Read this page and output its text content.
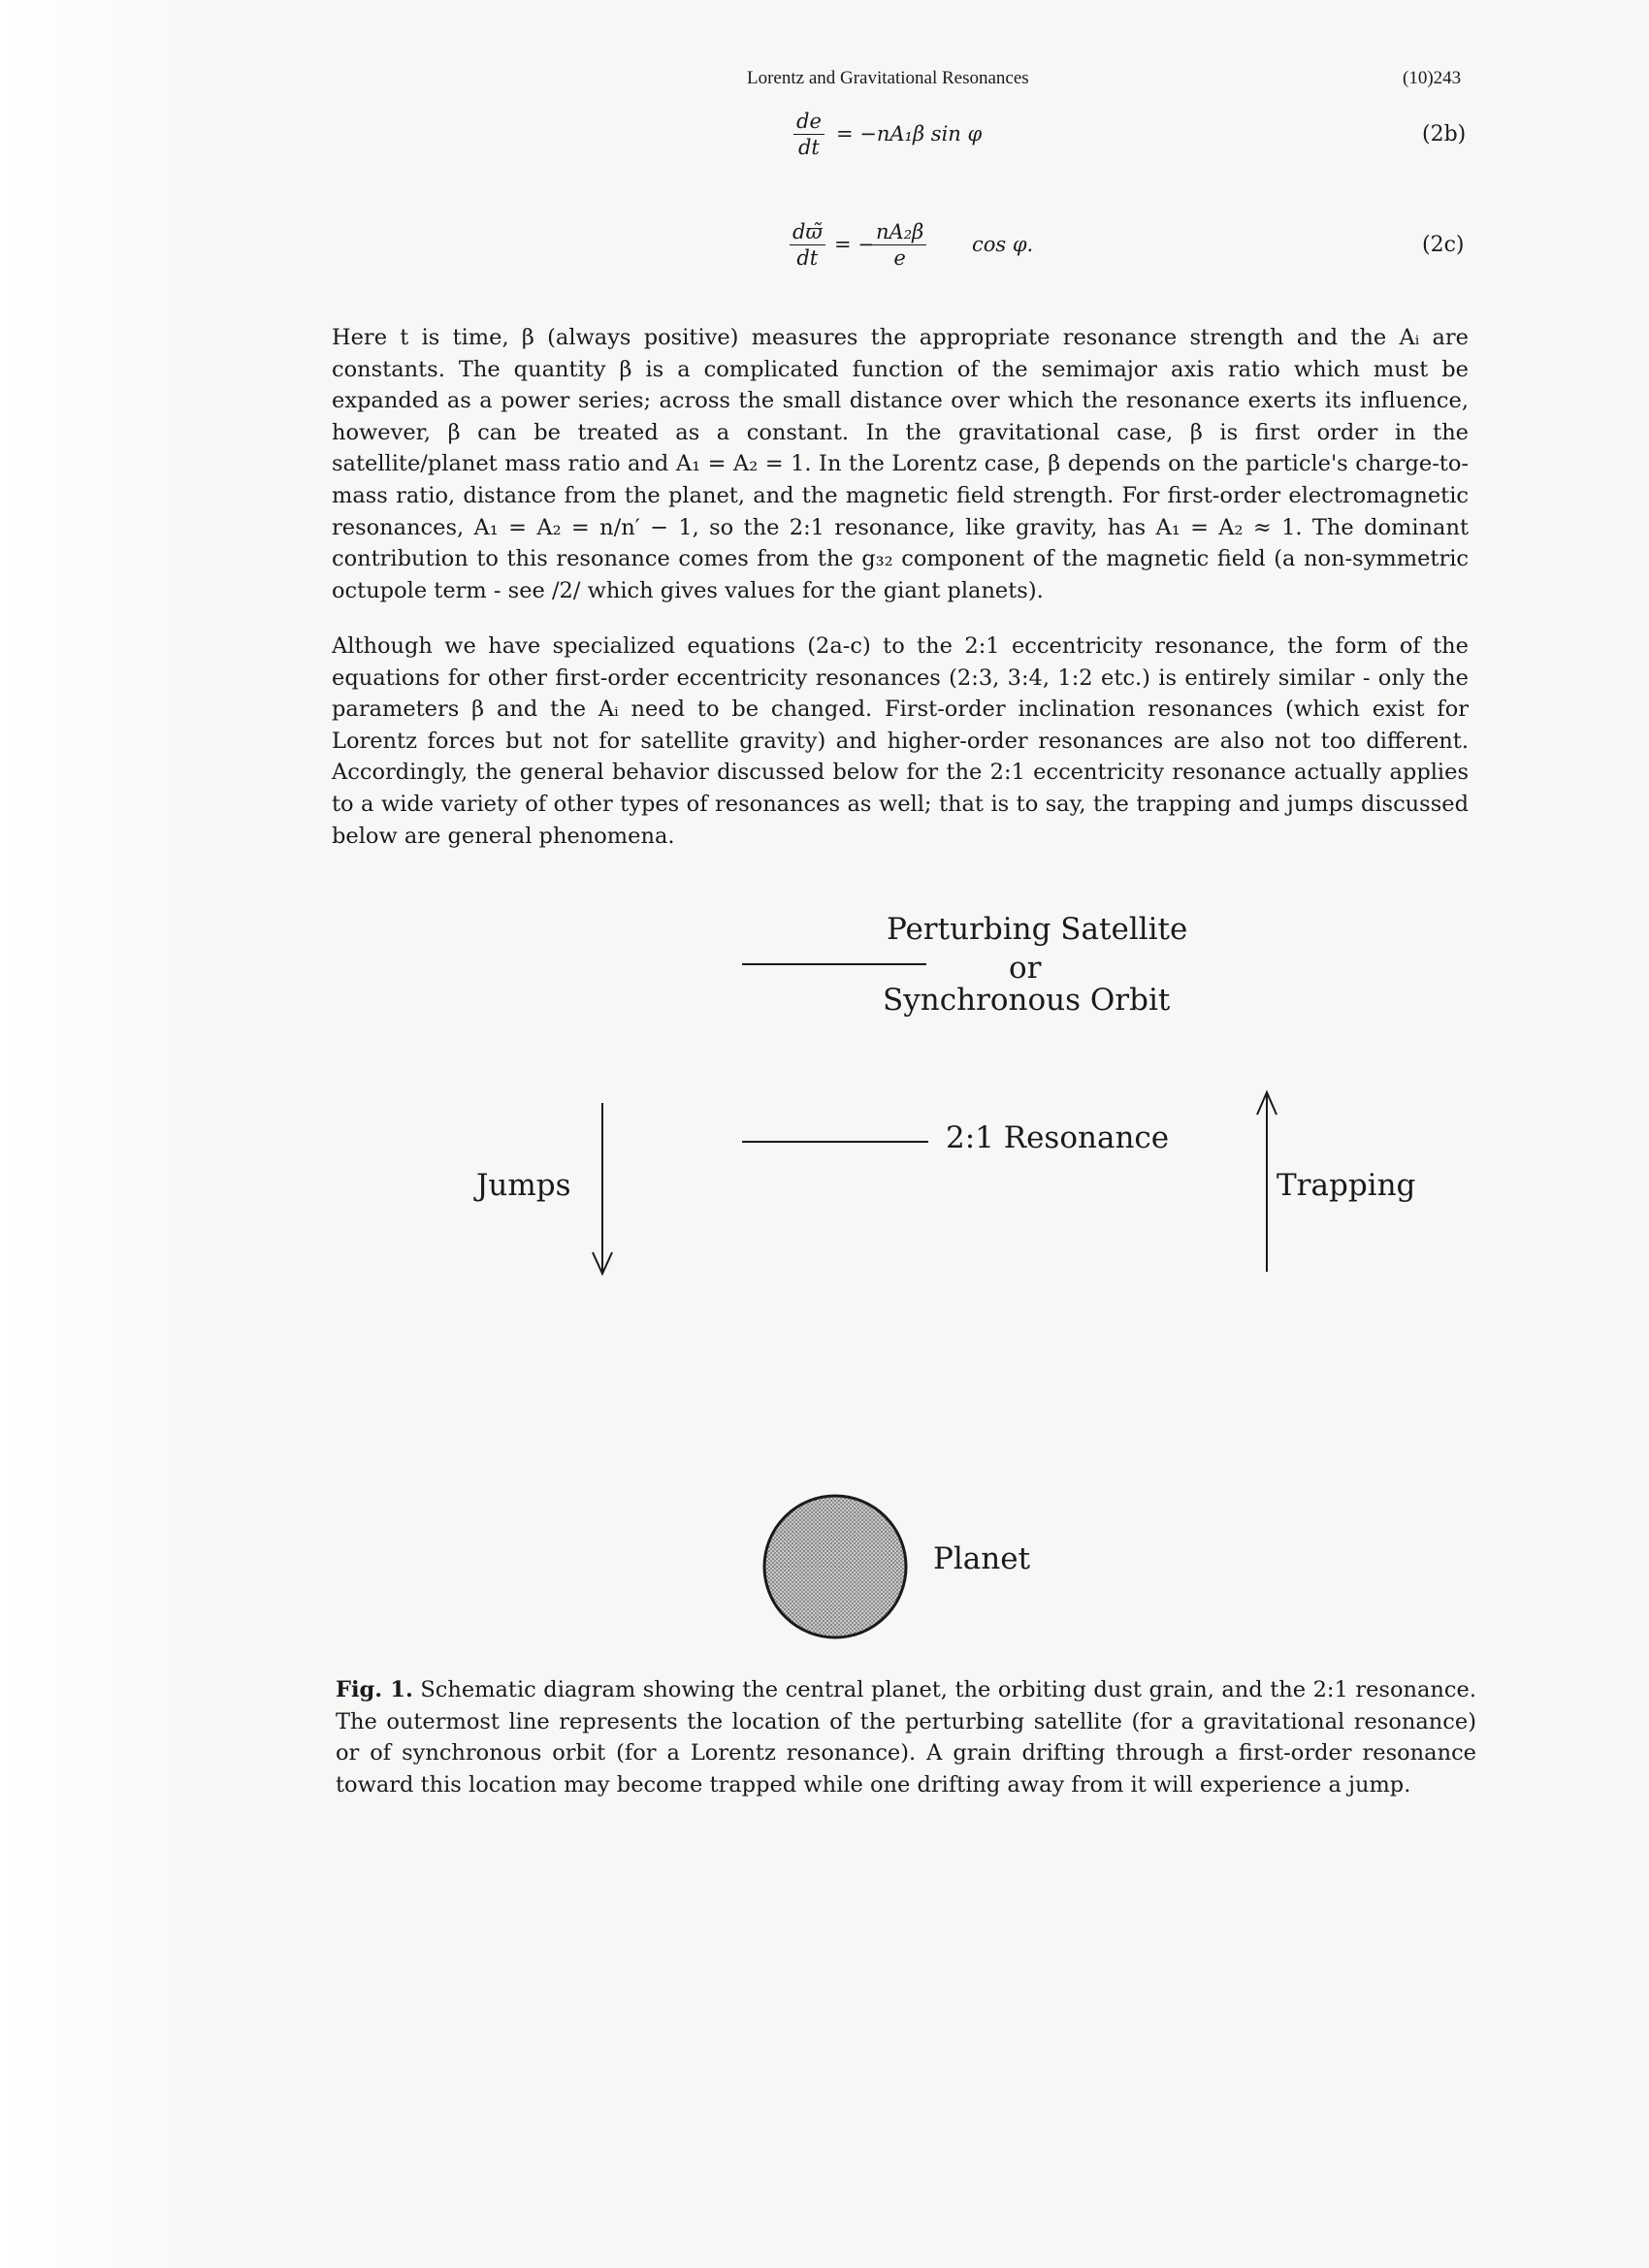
Lorentz and Gravitational Resonances	(10)243
$\frac{de}{dt} = -nA_1\beta$ sin φ	(2b)
$\frac{dϖ̃}{dt}$ = −
$\frac{\text{nA₂β}}{e}$ cos φ.	(2c)

Here t is time, β (always positive) measures the appropriate resonance strength and the Aᵢ are constants. The quantity β is a complicated function of the semimajor axis ratio which must be expanded as a power series; across the small distance over which the resonance exerts its influence, however, β can be treated as a constant. In the gravitational case, β is first order in the satellite/planet mass ratio and A₁ = A₂ = 1. In the Lorentz case, β depends on the particle's charge-to-mass ratio, distance from the planet, and the magnetic field strength. For first-order electromagnetic resonances, A₁ = A₂ = n/n′ − 1, so the 2:1 resonance, like gravity, has A₁ = A₂ ≈ 1. The dominant contribution to this resonance comes from the g₃₂ component of the magnetic field (a non-symmetric octupole term - see /2/ which gives values for the giant planets).

Although we have specialized equations (2a-c) to the 2:1 eccentricity resonance, the form of the equations for other first-order eccentricity resonances (2:3, 3:4, 1:2 etc.) is entirely similar - only the parameters β and the Aᵢ need to be changed. First-order inclination resonances (which exist for Lorentz forces but not for satellite gravity) and higher-order resonances are also not too different. Accordingly, the general behavior discussed below for the 2:1 eccentricity resonance actually applies to a wide variety of other types of resonances as well; that is to say, the trapping and jumps discussed below are general phenomena.

Perturbing Satellite
or
Synchronous Orbit
2:1 Resonance
Jumps	Trapping
Planet

Fig. 1. Schematic diagram showing the central planet, the orbiting dust grain, and the 2:1 resonance. The outermost line represents the location of the perturbing satellite (for a gravitational resonance) or of synchronous orbit (for a Lorentz resonance). A grain drifting through a first-order resonance toward this location may become trapped while one drifting away from it will experience a jump.
